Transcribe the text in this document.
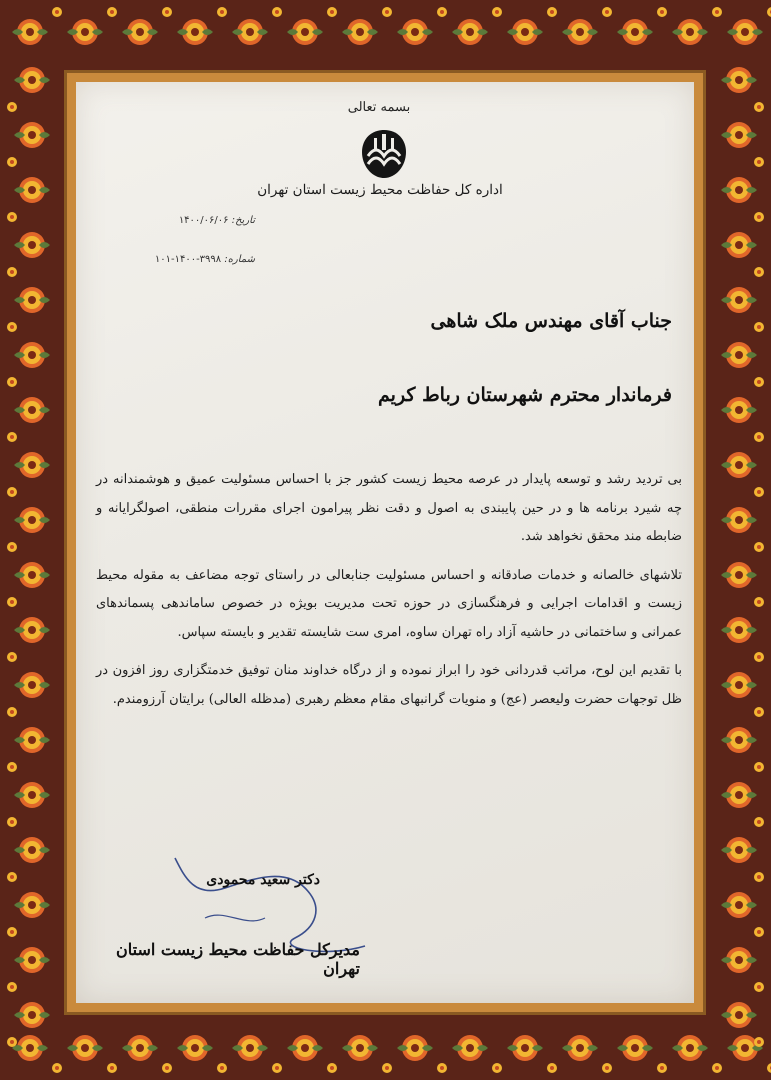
بسمه تعالی
اداره کل حفاظت محیط زیست استان تهران
تاریخ: ۱۴۰۰/۰۶/۰۶
شماره: ۳۹۹۸-۱۴۰۰-۱۰۱
جناب آقای مهندس ملک شاهی
فرماندار محترم شهرستان رباط کریم

بی تردید رشد و توسعه پایدار در عرصه محیط زیست کشور جز با احساس مسئولیت عمیق و هوشمندانه در چه شیرد برنامه ها و در حین پایبندی به اصول و دقت نظر پیرامون اجرای مقررات منطقی، اصولگرایانه و ضابطه مند محقق نخواهد شد.

تلاشهای خالصانه و خدمات صادقانه و احساس مسئولیت جنابعالی در راستای توجه مضاعف به مقوله محیط زیست و اقدامات اجرایی و فرهنگسازی در حوزه تحت مدیریت بویژه در خصوص ساماندهی پسماندهای عمرانی و ساختمانی در حاشیه آزاد راه تهران ساوه، امری ست شایسته تقدیر و بایسته سپاس.

با تقدیم این لوح، مراتب قدردانی خود را ابراز نموده و از درگاه خداوند منان توفیق خدمتگزاری روز افزون در ظل توجهات حضرت ولیعصر (عج) و منویات گرانبهای مقام معظم رهبری (مدظله العالی) برایتان آرزومندم.

دکتر سعید محمودی
مدیرکل حفاظت محیط زیست استان تهران
